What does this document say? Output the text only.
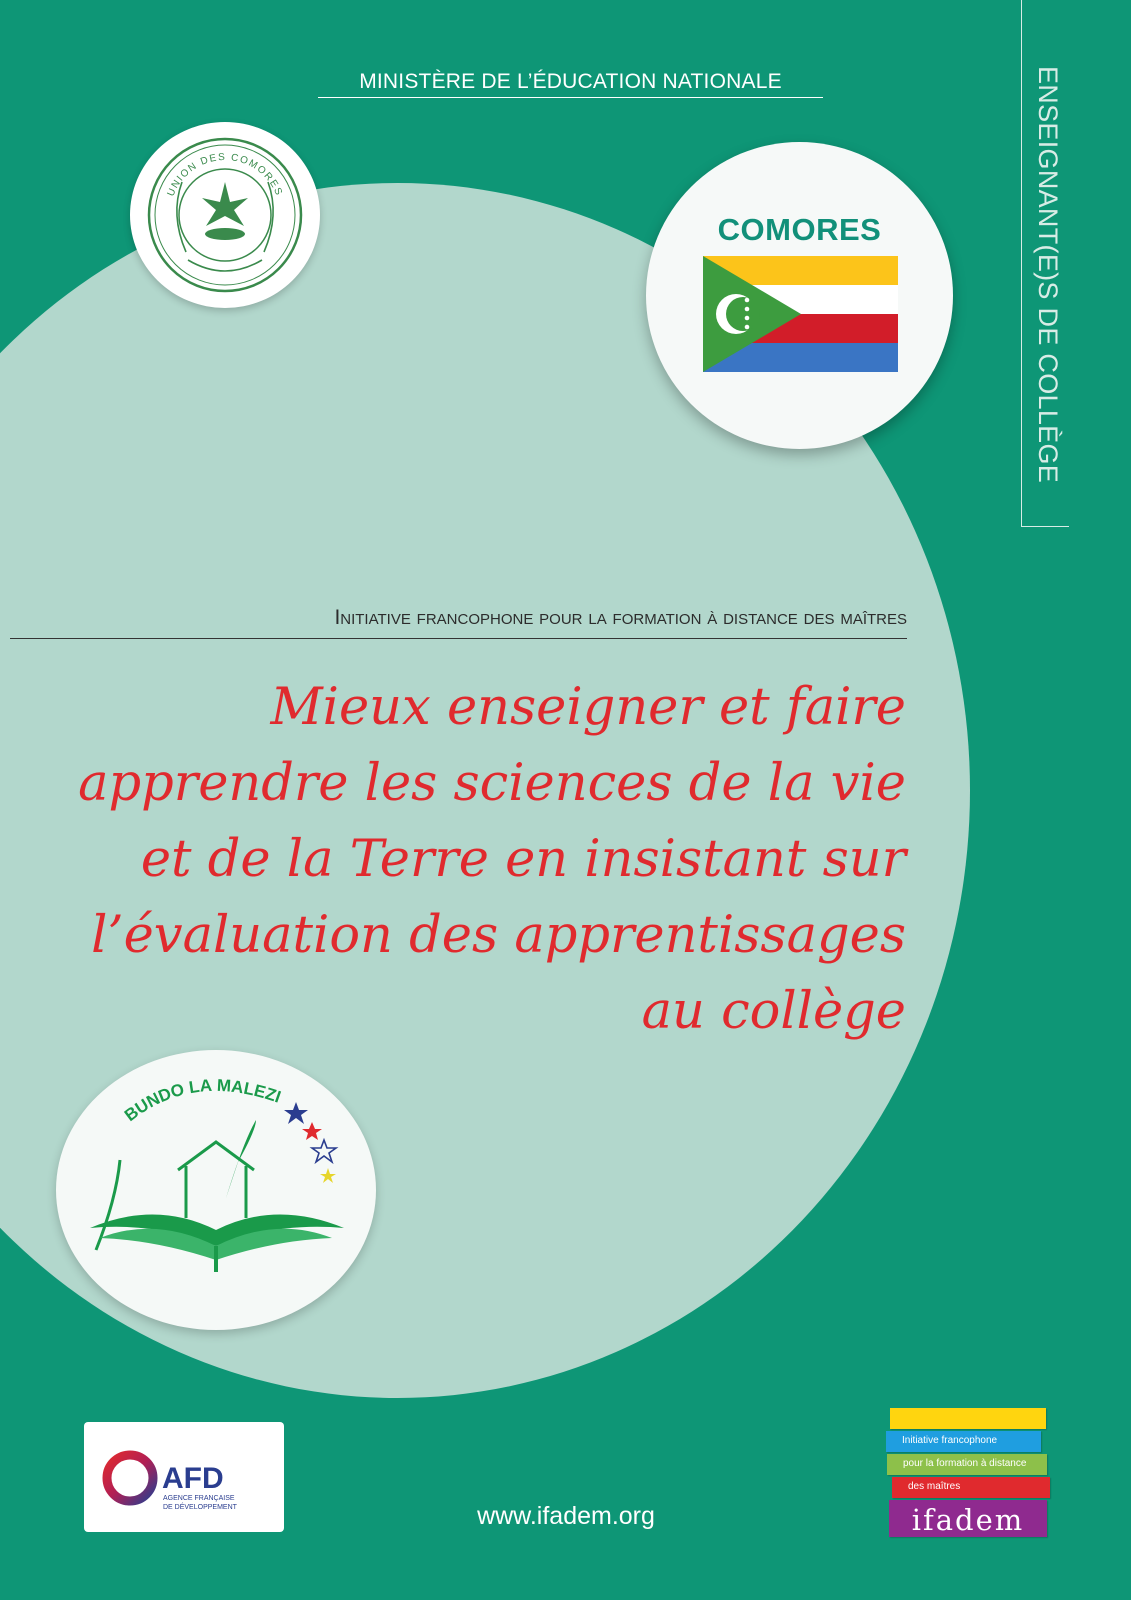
MINISTÈRE DE L’ÉDUCATION NATIONALE	ENSEIGNANT(E)S DE COLLÈGE
UNION DES COMORES
COMORES
Initiative francophone pour la formation à distance des maîtres
Mieux enseigner et faire
apprendre les sciences de la vie
et de la Terre en insistant sur
l’évaluation des apprentissages
au collège
BUNDO LA MALEZI
AFD
AGENCE FRANÇAISE
DE DÉVELOPPEMENT	www.ifadem.org
Initiative francophone
pour la formation à distance
des maîtres
ifadem
